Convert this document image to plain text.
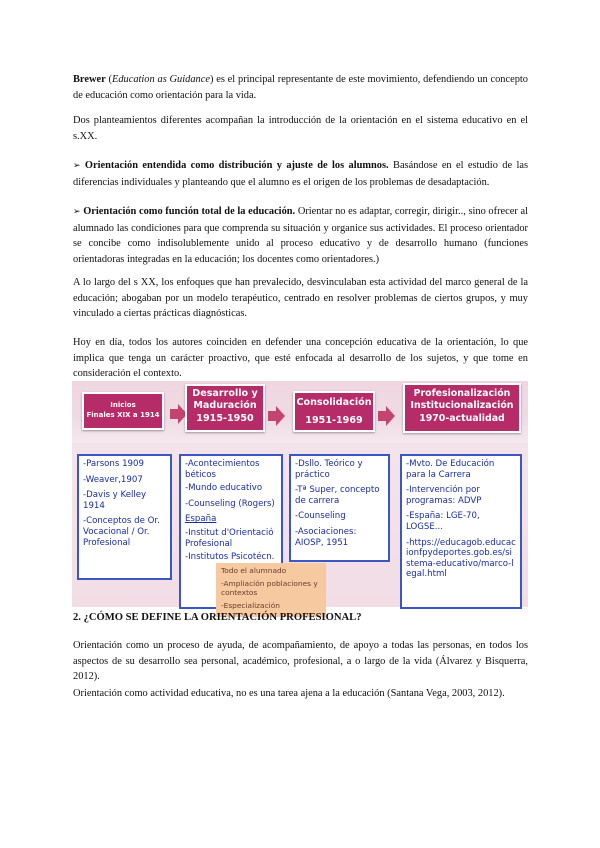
Brewer (Education as Guidance) es el principal representante de este movimiento, defendiendo un concepto de educación como orientación para la vida.
Dos planteamientos diferentes acompañan la introducción de la orientación en el sistema educativo en el s.XX.
➢ Orientación entendida como distribución y ajuste de los alumnos. Basándose en el estudio de las diferencias individuales y planteando que el alumno es el origen de los problemas de desadaptación.
➢ Orientación como función total de la educación. Orientar no es adaptar, corregir, dirigir.., sino ofrecer al alumnado las condiciones para que comprenda su situación y organice sus actividades. El proceso orientador se concibe como indisolublemente unido al proceso educativo y de desarrollo humano (funciones orientadoras integradas en la educación; los docentes como orientadores.)
A lo largo del s XX, los enfoques que han prevalecido, desvinculaban esta actividad del marco general de la educación; abogaban por un modelo terapéutico, centrado en resolver problemas de ciertos grupos, y muy vinculado a ciertas prácticas diagnósticas.
Hoy en día, todos los autores coinciden en defender una concepción educativa de la orientación, lo que implica que tenga un carácter proactivo, que esté enfocada al desarrollo de los sujetos, y que tome en consideración el contexto.
Inicios
Finales XIX a 1914
Desarrollo y Maduración
1915-1950
Consolidación
1951-1969
Profesionalización Institucionalización
1970-actualidad
-Parsons 1909
-Weaver,1907
-Davis y Kelley 1914
-Conceptos de Or. Vocacional / Or. Profesional
-Acontecimientos béticos
-Mundo educativo
-Counseling (Rogers)
España
-Institut d'Orientació Profesional
-Institutos Psicotécn.
-Dsllo. Teórico y práctico
-Tª Super, concepto de carrera
-Counseling
-Asociaciones: AIOSP, 1951
Todo el alumnado
-Ampliación poblaciones y contextos
-Especialización
-Mvto. De Educación para la Carrera
-Intervención por programas: ADVP
-España: LGE-70, LOGSE...
-https://educagob.educacionfpydeportes.gob.es/sistema-educativo/marco-legal.html
2. ¿CÓMO SE DEFINE LA ORIENTACIÓN PROFESIONAL?
Orientación como un proceso de ayuda, de acompañamiento, de apoyo a todas las personas, en todos los aspectos de su desarrollo sea personal, académico, profesional, a o largo de la vida (Álvarez y Bisquerra, 2012).
Orientación como actividad educativa, no es una tarea ajena a la educación (Santana Vega, 2003, 2012).
